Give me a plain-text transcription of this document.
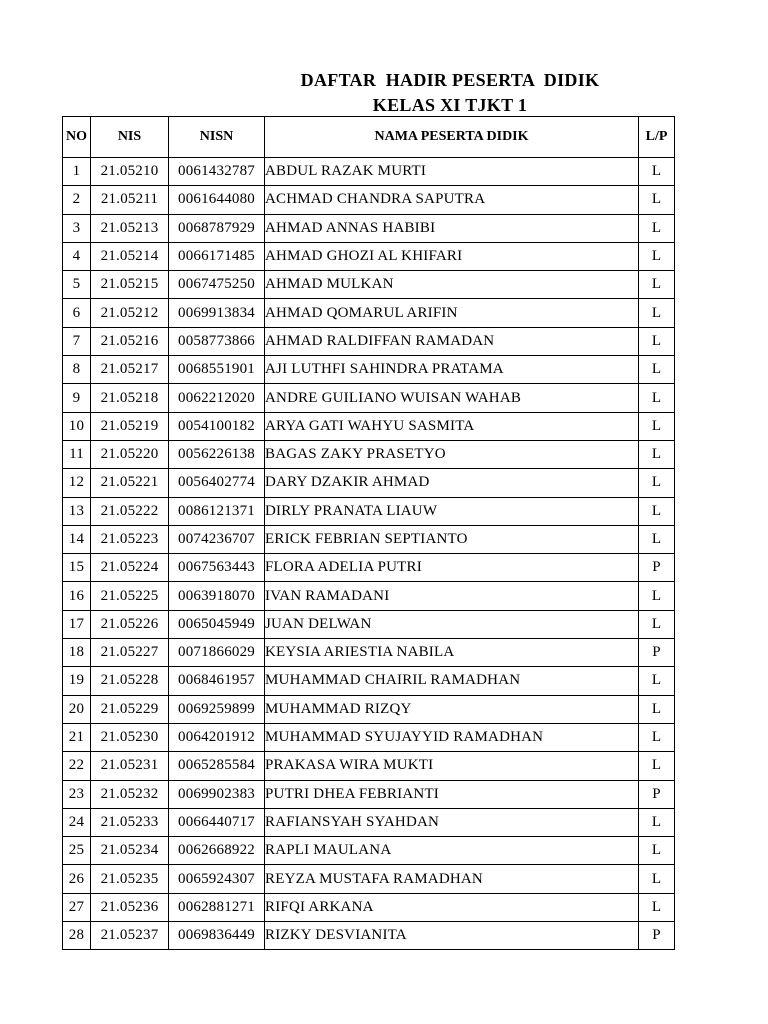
DAFTAR  HADIR PESERTA  DIDIK
KELAS XI TJKT 1
NO	NIS	NISN	NAMA PESERTA DIDIK	L/P
1	21.05210	0061432787	ABDUL RAZAK MURTI	L
2	21.05211	0061644080	ACHMAD CHANDRA SAPUTRA	L
3	21.05213	0068787929	AHMAD ANNAS HABIBI	L
4	21.05214	0066171485	AHMAD GHOZI AL KHIFARI	L
5	21.05215	0067475250	AHMAD MULKAN	L
6	21.05212	0069913834	AHMAD QOMARUL ARIFIN	L
7	21.05216	0058773866	AHMAD RALDIFFAN RAMADAN	L
8	21.05217	0068551901	AJI LUTHFI SAHINDRA PRATAMA	L
9	21.05218	0062212020	ANDRE GUILIANO WUISAN WAHAB	L
10	21.05219	0054100182	ARYA GATI WAHYU SASMITA	L
11	21.05220	0056226138	BAGAS ZAKY PRASETYO	L
12	21.05221	0056402774	DARY DZAKIR AHMAD	L
13	21.05222	0086121371	DIRLY PRANATA LIAUW	L
14	21.05223	0074236707	ERICK FEBRIAN SEPTIANTO	L
15	21.05224	0067563443	FLORA ADELIA PUTRI	P
16	21.05225	0063918070	IVAN RAMADANI	L
17	21.05226	0065045949	JUAN DELWAN	L
18	21.05227	0071866029	KEYSIA ARIESTIA NABILA	P
19	21.05228	0068461957	MUHAMMAD CHAIRIL RAMADHAN	L
20	21.05229	0069259899	MUHAMMAD RIZQY	L
21	21.05230	0064201912	MUHAMMAD SYUJAYYID RAMADHAN	L
22	21.05231	0065285584	PRAKASA WIRA MUKTI	L
23	21.05232	0069902383	PUTRI DHEA FEBRIANTI	P
24	21.05233	0066440717	RAFIANSYAH SYAHDAN	L
25	21.05234	0062668922	RAPLI MAULANA	L
26	21.05235	0065924307	REYZA MUSTAFA RAMADHAN	L
27	21.05236	0062881271	RIFQI ARKANA	L
28	21.05237	0069836449	RIZKY DESVIANITA	P
